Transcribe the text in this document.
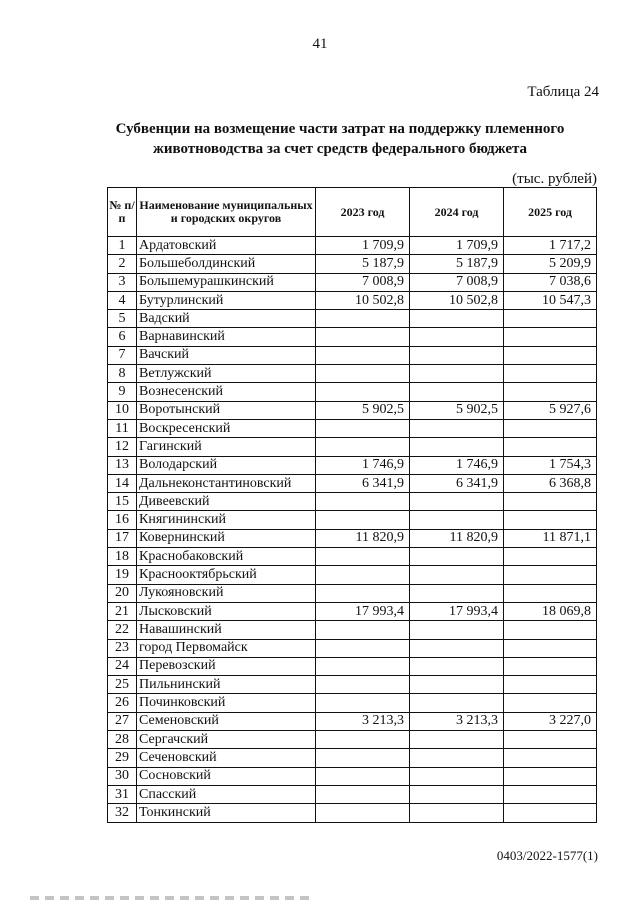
41
Таблица 24
Субвенции на возмещение части затрат на поддержку племенного животноводства за счет средств федерального бюджета
(тыс. рублей)
№ п/п	Наименование муниципальных и городских округов	2023 год	2024 год	2025 год
1	Ардатовский	1 709,9	1 709,9	1 717,2
2	Большеболдинский	5 187,9	5 187,9	5 209,9
3	Большемурашкинский	7 008,9	7 008,9	7 038,6
4	Бутурлинский	10 502,8	10 502,8	10 547,3
5	Вадский			
6	Варнавинский			
7	Вачский			
8	Ветлужский			
9	Вознесенский			
10	Воротынский	5 902,5	5 902,5	5 927,6
11	Воскресенский			
12	Гагинский			
13	Володарский	1 746,9	1 746,9	1 754,3
14	Дальнеконстантиновский	6 341,9	6 341,9	6 368,8
15	Дивеевский			
16	Княгининский			
17	Ковернинский	11 820,9	11 820,9	11 871,1
18	Краснобаковский			
19	Краснооктябрьский			
20	Лукояновский			
21	Лысковский	17 993,4	17 993,4	18 069,8
22	Навашинский			
23	город Первомайск			
24	Перевозский			
25	Пильнинский			
26	Починковский			
27	Семеновский	3 213,3	3 213,3	3 227,0
28	Сергачский			
29	Сеченовский			
30	Сосновский			
31	Спасский			
32	Тонкинский			
0403/2022-1577(1)
